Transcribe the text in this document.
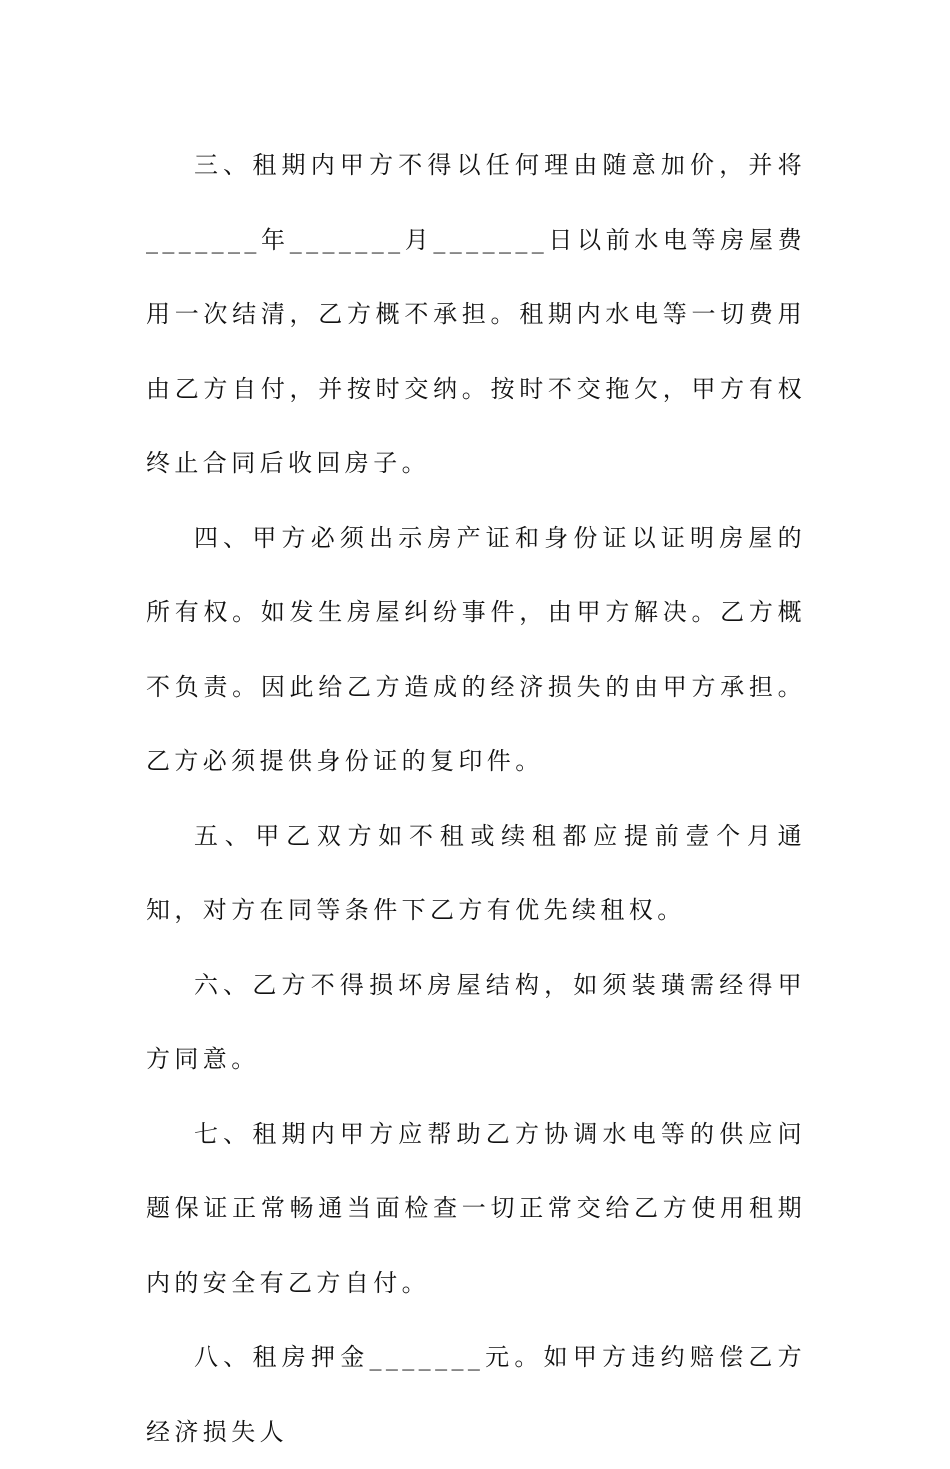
三、租期内甲方不得以任何理由随意加价，并将_______年_______月_______日以前水电等房屋费用一次结清，乙方概不承担。租期内水电等一切费用由乙方自付，并按时交纳。按时不交拖欠，甲方有权终止合同后收回房子。

四、甲方必须出示房产证和身份证以证明房屋的所有权。如发生房屋纠纷事件，由甲方解决。乙方概不负责。因此给乙方造成的经济损失的由甲方承担。乙方必须提供身份证的复印件。

五、甲乙双方如不租或续租都应提前壹个月通知，对方在同等条件下乙方有优先续租权。

六、乙方不得损坏房屋结构，如须装璜需经得甲方同意。

七、租期内甲方应帮助乙方协调水电等的供应问题保证正常畅通当面检查一切正常交给乙方使用租期内的安全有乙方自付。

八、租房押金_______元。如甲方违约赔偿乙方经济损失人
